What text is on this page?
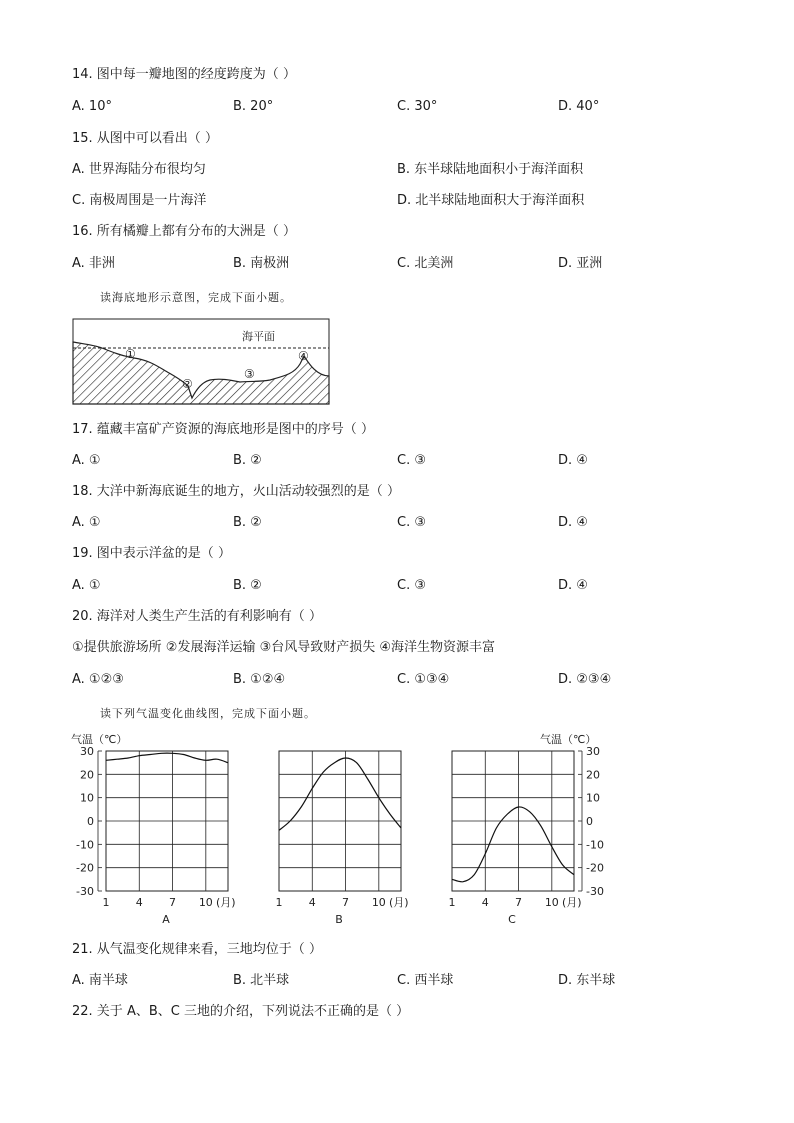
14. 图中每一瓣地图的经度跨度为（ ）
A. 10°	B. 20°	C. 30°	D. 40°
15. 从图中可以看出（ ）
A. 世界海陆分布很均匀	B. 东半球陆地面积小于海洋面积
C. 南极周围是一片海洋	D. 北半球陆地面积大于海洋面积
16. 所有橘瓣上都有分布的大洲是（ ）
A. 非洲	B. 南极洲	C. 北美洲	D. 亚洲
读海底地形示意图，完成下面小题。
海平面
①
②
③
④
17. 蕴藏丰富矿产资源的海底地形是图中的序号（ ）
A. ①	B. ②	C. ③	D. ④
18. 大洋中新海底诞生的地方，火山活动较强烈的是（ ）
A. ①	B. ②	C. ③	D. ④
19. 图中表示洋盆的是（ ）
A. ①	B. ②	C. ③	D. ④
20. 海洋对人类生产生活的有利影响有（ ）
①提供旅游场所 ②发展海洋运输 ③台风导致财产损失 ④海洋生物资源丰富
A. ①②③	B. ①②④	C. ①③④	D. ②③④
读下列气温变化曲线图，完成下面小题。
气温（℃）
30
20
10
0
-10
-20
-30
1 4 7 10 (月)
A
1 4 7 10 (月)
B
气温（℃）
1 4 7 10 (月)
30
20
10
0
-10
-20
-30
C
21. 从气温变化规律来看，三地均位于（ ）
A. 南半球	B. 北半球	C. 西半球	D. 东半球
22. 关于 A、B、C 三地的介绍，下列说法不正确的是（ ）
